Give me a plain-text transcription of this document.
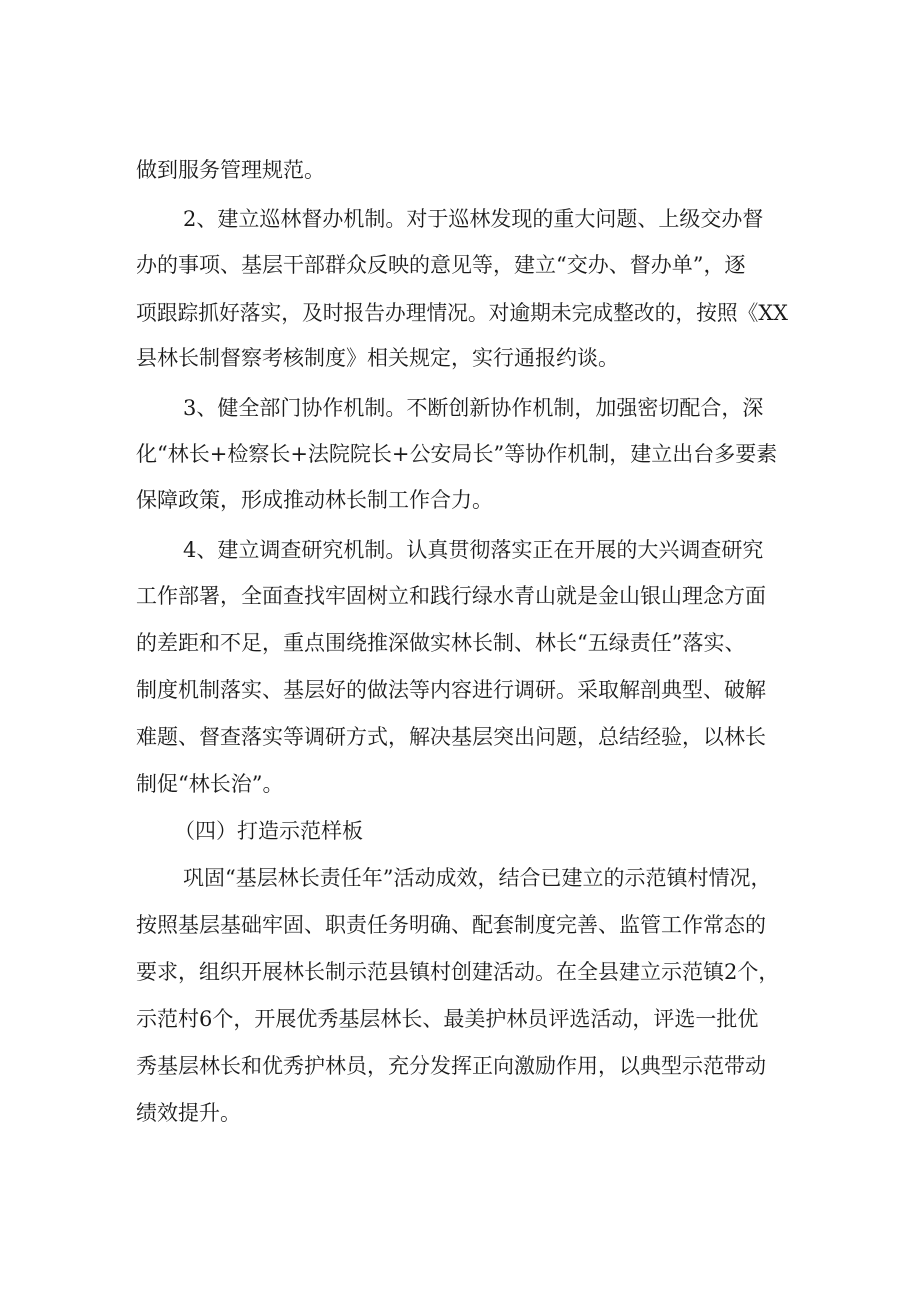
做到服务管理规范。
2、建立巡林督办机制。对于巡林发现的重大问题、上级交办督
办的事项、基层干部群众反映的意见等，建立“交办、督办单”，逐
项跟踪抓好落实，及时报告办理情况。对逾期未完成整改的，按照《XX
县林长制督察考核制度》相关规定，实行通报约谈。
3、健全部门协作机制。不断创新协作机制，加强密切配合，深
化“林长+检察长+法院院长+公安局长”等协作机制，建立出台多要素
保障政策，形成推动林长制工作合力。
4、建立调查研究机制。认真贯彻落实正在开展的大兴调查研究
工作部署，全面查找牢固树立和践行绿水青山就是金山银山理念方面
的差距和不足，重点围绕推深做实林长制、林长“五绿责任”落实、
制度机制落实、基层好的做法等内容进行调研。采取解剖典型、破解
难题、督查落实等调研方式，解决基层突出问题，总结经验，以林长
制促“林长治”。
（四）打造示范样板
巩固“基层林长责任年”活动成效，结合已建立的示范镇村情况，
按照基层基础牢固、职责任务明确、配套制度完善、监管工作常态的
要求，组织开展林长制示范县镇村创建活动。在全县建立示范镇2个，
示范村6个，开展优秀基层林长、最美护林员评选活动，评选一批优
秀基层林长和优秀护林员，充分发挥正向激励作用，以典型示范带动
绩效提升。
